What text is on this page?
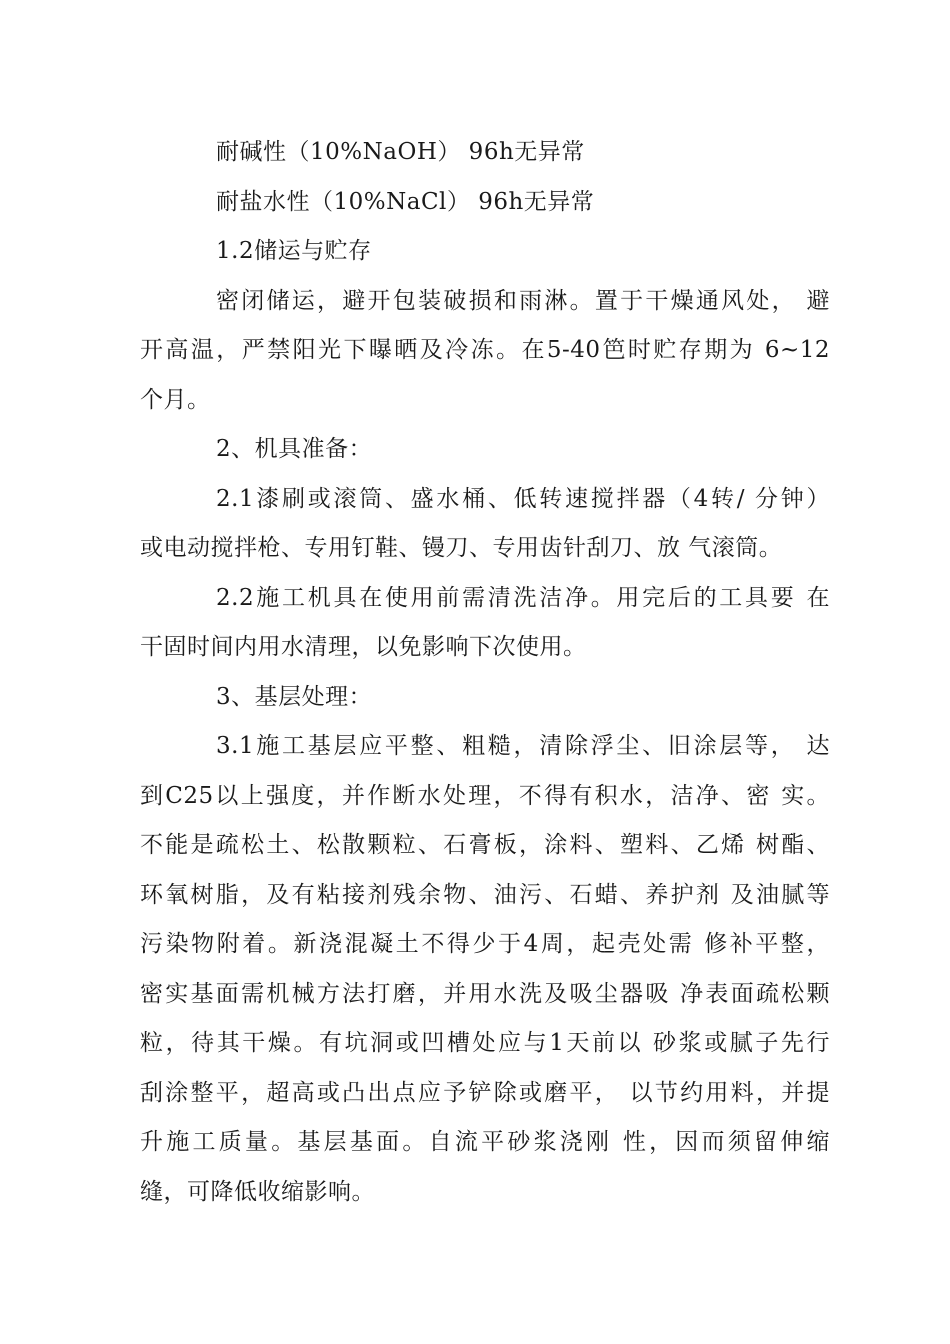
耐碱性（10%NaOH） 96h无异常
耐盐水性（10%NaCl） 96h无异常
1.2储运与贮存
密闭储运，避开包装破损和雨淋。置于干燥通风处， 避
开高温，严禁阳光下曝晒及冷冻。在5-40笆时贮存期为 6~12
个月。
2、机具准备：
2.1漆刷或滚筒、盛水桶、低转速搅拌器（4转/ 分钟）
或电动搅拌枪、专用钉鞋、镘刀、专用齿针刮刀、放 气滚筒。
2.2施工机具在使用前需清洗洁净。用完后的工具要 在
干固时间内用水清理，以免影响下次使用。
3、基层处理：
3.1施工基层应平整、粗糙，清除浮尘、旧涂层等， 达
到C25以上强度，并作断水处理，不得有积水，洁净、密 实。
不能是疏松土、松散颗粒、石膏板，涂料、塑料、乙烯 树酯、
环氧树脂，及有粘接剂残余物、油污、石蜡、养护剂 及油腻等
污染物附着。新浇混凝土不得少于4周，起壳处需 修补平整，
密实基面需机械方法打磨，并用水洗及吸尘器吸 净表面疏松颗
粒，待其干燥。有坑洞或凹槽处应与1天前以 砂浆或腻子先行
刮涂整平，超高或凸出点应予铲除或磨平， 以节约用料，并提
升施工质量。基层基面。自流平砂浆浇刚 性，因而须留伸缩
缝，可降低收缩影响。
